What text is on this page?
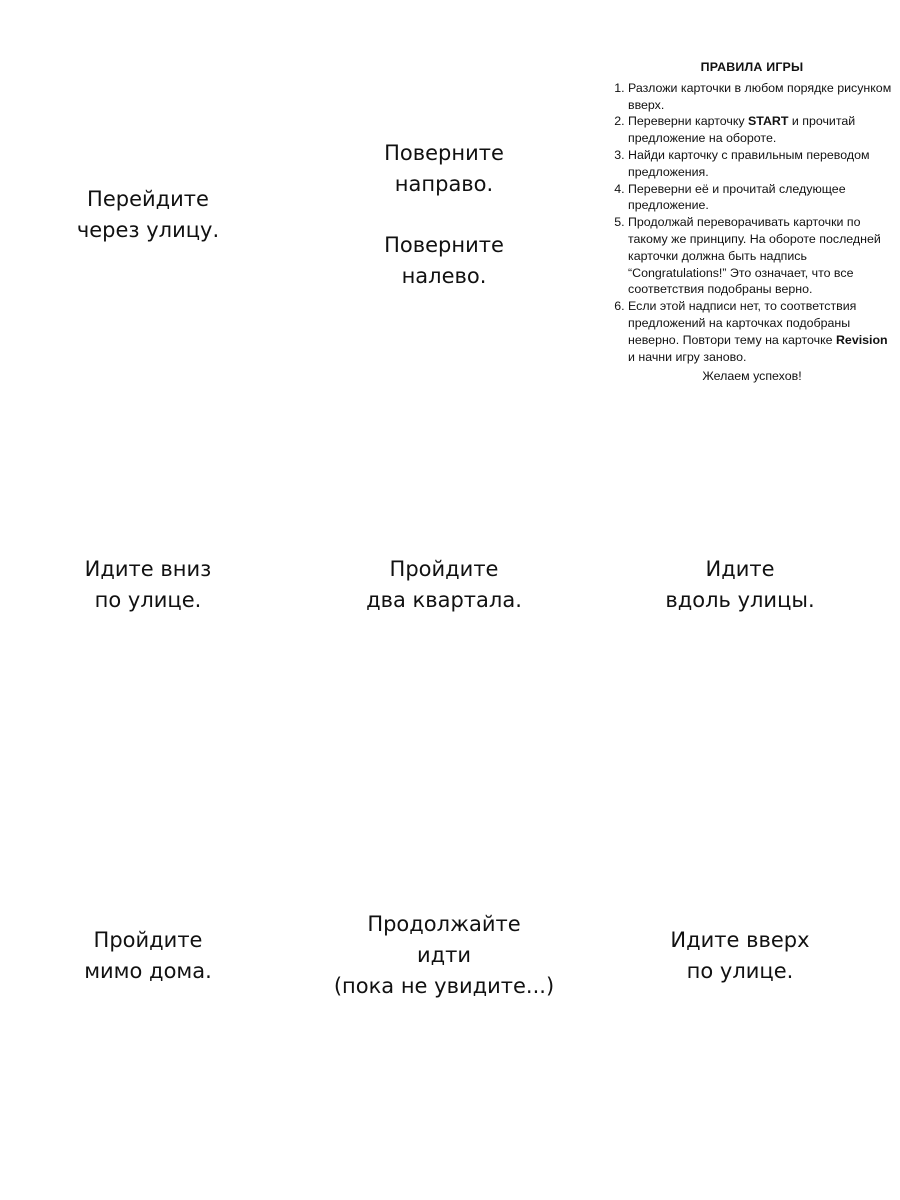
Перейдите
через улицу.
Поверните
направо.
Поверните
налево.
ПРАВИЛА ИГРЫ
1. Разложи карточки в любом порядке рисунком вверх.
2. Переверни карточку START и прочитай предложение на обороте.
3. Найди карточку с правильным переводом предложения.
4. Переверни её и прочитай следующее предложение.
5. Продолжай переворачивать карточки по такому же принципу. На обороте последней карточки должна быть надпись “Congratulations!” Это означает, что все соответствия подобраны верно.
6. Если этой надписи нет, то соответствия предложений на карточках подобраны неверно. Повтори тему на карточке Revision и начни игру заново.
Желаем успехов!
Идите вниз
по улице.
Пройдите
два квартала.
Идите
вдоль улицы.
Пройдите
мимо дома.
Продолжайте
идти
(пока не увидите...)
Идите вверх
по улице.
